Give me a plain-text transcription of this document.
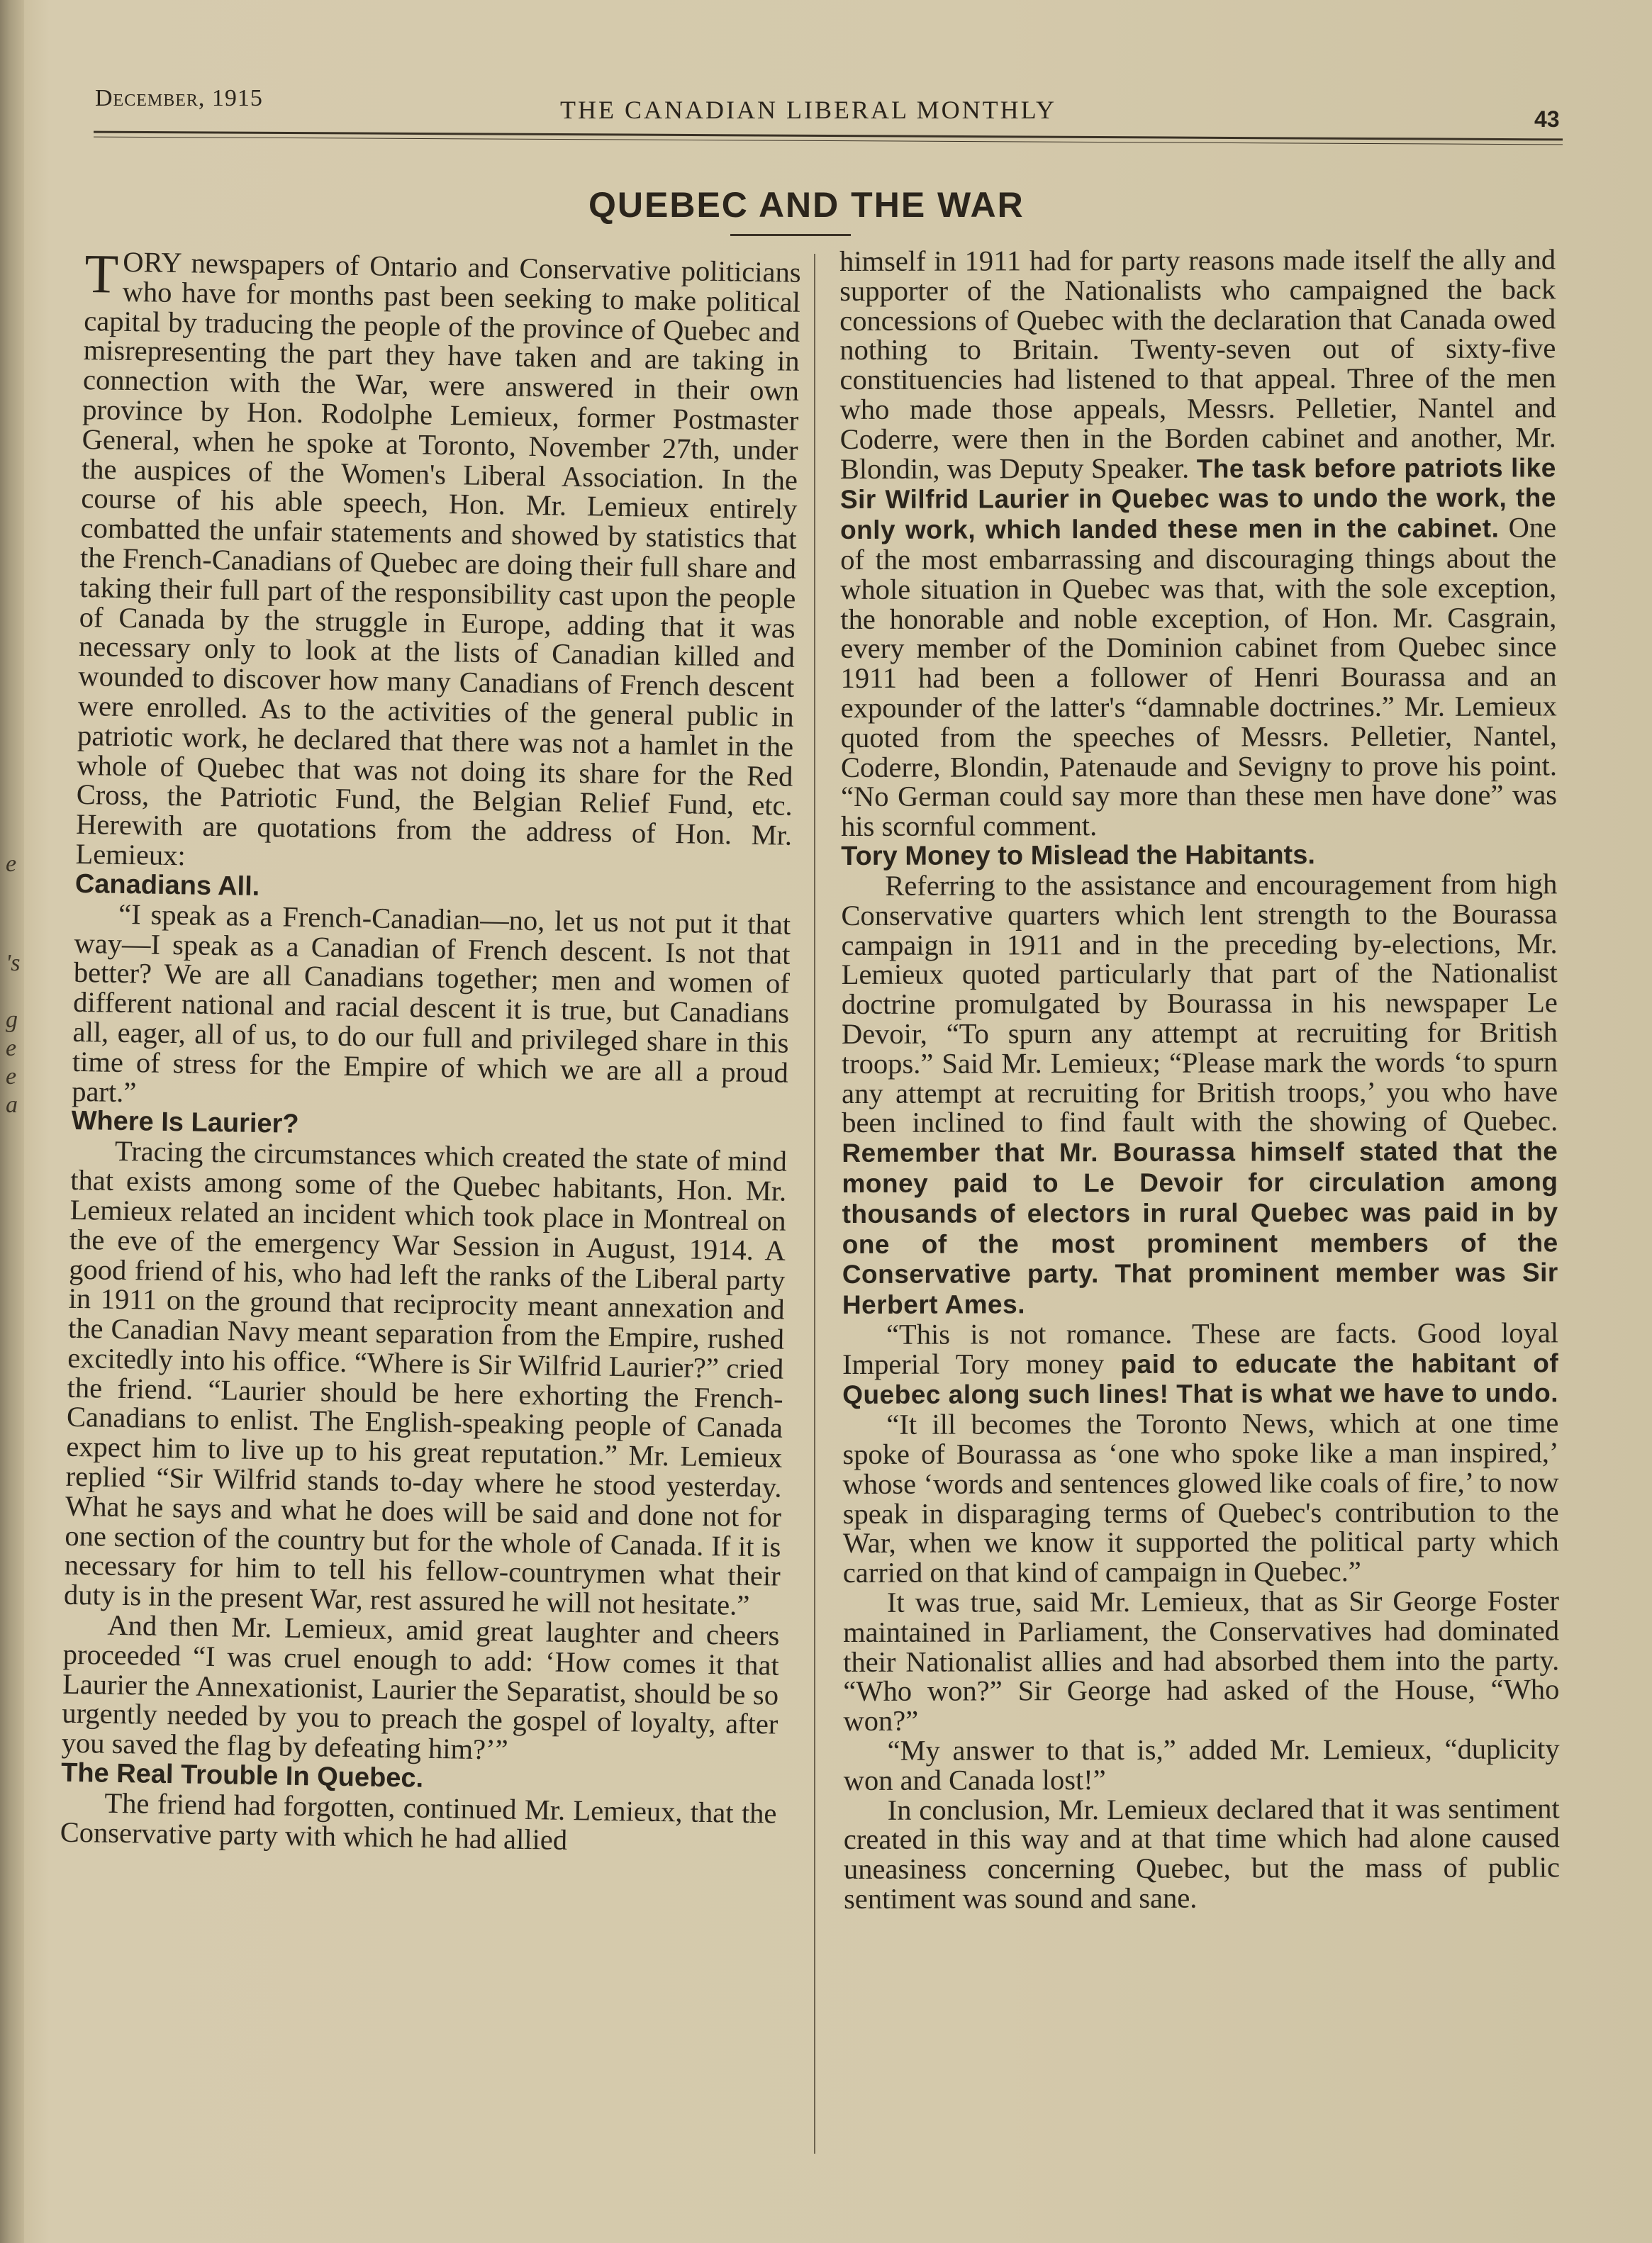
e
's
g
e
e
a
December, 1915	THE CANADIAN LIBERAL MONTHLY	43
QUEBEC AND THE WAR

TORY newspapers of Ontario and Conservative politicians who have for months past been seeking to make political capital by traducing the people of the province of Quebec and misrepresenting the part they have taken and are taking in connection with the War, were answered in their own province by Hon. Rodolphe Lemieux, former Postmaster General, when he spoke at Toronto, November 27th, under the auspices of the Women's Liberal Association. In the course of his able speech, Hon. Mr. Lemieux entirely combatted the unfair statements and showed by statistics that the French-Canadians of Quebec are doing their full share and taking their full part of the responsibility cast upon the people of Canada by the struggle in Europe, adding that it was necessary only to look at the lists of Canadian killed and wounded to discover how many Canadians of French descent were enrolled. As to the activities of the general public in patriotic work, he declared that there was not a hamlet in the whole of Quebec that was not doing its share for the Red Cross, the Patriotic Fund, the Belgian Relief Fund, etc. Herewith are quotations from the address of Hon. Mr. Lemieux:

Canadians All.

“I speak as a French-Canadian—no, let us not put it that way—I speak as a Canadian of French descent. Is not that better? We are all Canadians together; men and women of different national and racial descent it is true, but Canadians all, eager, all of us, to do our full and privileged share in this time of stress for the Empire of which we are all a proud part.”

Where Is Laurier?

Tracing the circumstances which created the state of mind that exists among some of the Quebec habitants, Hon. Mr. Lemieux related an incident which took place in Montreal on the eve of the emergency War Session in August, 1914. A good friend of his, who had left the ranks of the Liberal party in 1911 on the ground that reciprocity meant annexation and the Canadian Navy meant separation from the Empire, rushed excitedly into his office. “Where is Sir Wilfrid Laurier?” cried the friend. “Laurier should be here exhorting the French-Canadians to enlist. The English-speaking people of Canada expect him to live up to his great reputation.” Mr. Lemieux replied “Sir Wilfrid stands to-day where he stood yesterday. What he says and what he does will be said and done not for one section of the country but for the whole of Canada. If it is necessary for him to tell his fellow-countrymen what their duty is in the present War, rest assured he will not hesitate.”

And then Mr. Lemieux, amid great laughter and cheers proceeded “I was cruel enough to add: ‘How comes it that Laurier the Annexationist, Laurier the Separatist, should be so urgently needed by you to preach the gospel of loyalty, after you saved the flag by defeating him?’”

The Real Trouble In Quebec.

The friend had forgotten, continued Mr. Lemieux, that the Conservative party with which he had allied

himself in 1911 had for party reasons made itself the ally and supporter of the Nationalists who campaigned the back concessions of Quebec with the declaration that Canada owed nothing to Britain. Twenty-seven out of sixty-five constituencies had listened to that appeal. Three of the men who made those appeals, Messrs. Pelletier, Nantel and Coderre, were then in the Borden cabinet and another, Mr. Blondin, was Deputy Speaker. The task before patriots like Sir Wilfrid Laurier in Quebec was to undo the work, the only work, which landed these men in the cabinet. One of the most embarrassing and discouraging things about the whole situation in Quebec was that, with the sole exception, the honorable and noble exception, of Hon. Mr. Casgrain, every member of the Dominion cabinet from Quebec since 1911 had been a follower of Henri Bourassa and an expounder of the latter's “damnable doctrines.” Mr. Lemieux quoted from the speeches of Messrs. Pelletier, Nantel, Coderre, Blondin, Patenaude and Sevigny to prove his point. “No German could say more than these men have done” was his scornful comment.

Tory Money to Mislead the Habitants.

Referring to the assistance and encouragement from high Conservative quarters which lent strength to the Bourassa campaign in 1911 and in the preceding by-elections, Mr. Lemieux quoted particularly that part of the Nationalist doctrine promulgated by Bourassa in his newspaper Le Devoir, “To spurn any attempt at recruiting for British troops.” Said Mr. Lemieux; “Please mark the words ‘to spurn any attempt at recruiting for British troops,’ you who have been inclined to find fault with the showing of Quebec. Remember that Mr. Bourassa himself stated that the money paid to Le Devoir for circulation among thousands of electors in rural Quebec was paid in by one of the most prominent members of the Conservative party. That prominent member was Sir Herbert Ames.

“This is not romance. These are facts. Good loyal Imperial Tory money paid to educate the habitant of Quebec along such lines! That is what we have to undo.

“It ill becomes the Toronto News, which at one time spoke of Bourassa as ‘one who spoke like a man inspired,’ whose ‘words and sentences glowed like coals of fire,’ to now speak in disparaging terms of Quebec's contribution to the War, when we know it supported the political party which carried on that kind of campaign in Quebec.”

It was true, said Mr. Lemieux, that as Sir George Foster maintained in Parliament, the Conservatives had dominated their Nationalist allies and had absorbed them into the party. “Who won?” Sir George had asked of the House, “Who won?”

“My answer to that is,” added Mr. Lemieux, “duplicity won and Canada lost!”

In conclusion, Mr. Lemieux declared that it was sentiment created in this way and at that time which had alone caused uneasiness concerning Quebec, but the mass of public sentiment was sound and sane.
